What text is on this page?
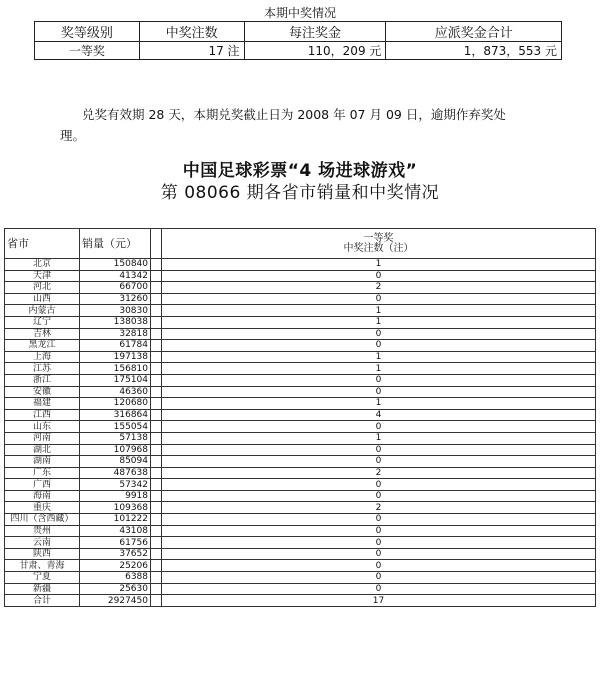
本期中奖情况
奖等级别	中奖注数	每注奖金	应派奖金合计
一等奖	17 注	110，209 元	1，873，553 元
兑奖有效期 28 天，本期兑奖截止日为 2008 年 07 月 09 日，逾期作弃奖处理。
中国足球彩票“4 场进球游戏”
第 08066 期各省市销量和中奖情况
省市	销量（元）		一等奖
中奖注数（注）

北京	150840		1
天津	41342		0
河北	66700		2
山西	31260		0
内蒙古	30830		1
辽宁	138038		1
吉林	32818		0
黑龙江	61784		0
上海	197138		1
江苏	156810		1
浙江	175104		0
安徽	46360		0
福建	120680		1
江西	316864		4
山东	155054		0
河南	57138		1
湖北	107968		0
湖南	85094		0
广东	487638		2
广西	57342		0
海南	9918		0
重庆	109368		2
四川（含西藏）	101222		0
贵州	43108		0
云南	61756		0
陕西	37652		0
甘肃、青海	25206		0
宁夏	6388		0
新疆	25630		0
合计	2927450		17
